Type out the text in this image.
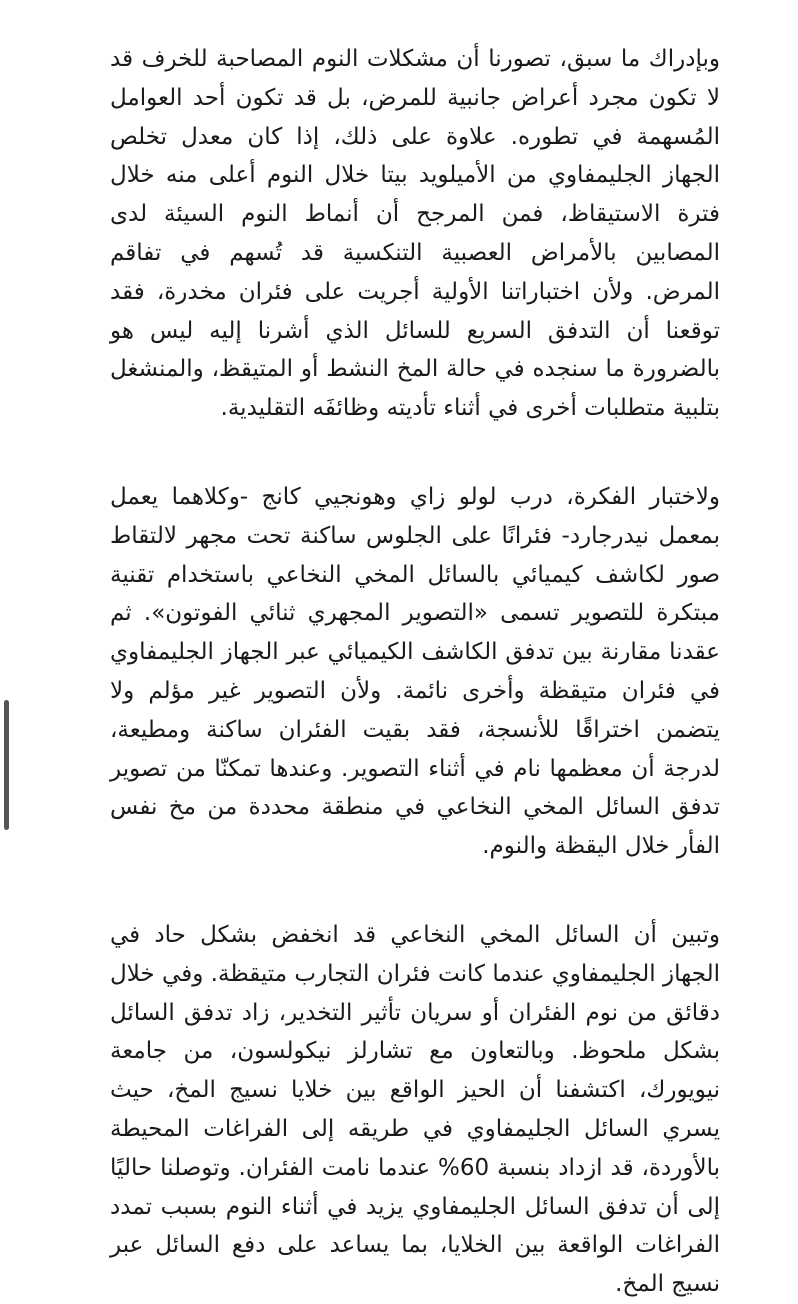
وبإدراك ما سبق، تصورنا أن مشكلات النوم المصاحبة للخرف قد لا تكون مجرد أعراض جانبية للمرض، بل قد تكون أحد العوامل المُسهمة في تطوره. علاوة على ذلك، إذا كان معدل تخلص الجهاز الجليمفاوي من الأميلويد بيتا خلال النوم أعلى منه خلال فترة الاستيقاظ، فمن المرجح أن أنماط النوم السيئة لدى المصابين بالأمراض العصبية التنكسية قد تُسهم في تفاقم المرض. ولأن اختباراتنا الأولية أجريت على فئران مخدرة، فقد توقعنا أن التدفق السريع للسائل الذي أشرنا إليه ليس هو بالضرورة ما سنجده في حالة المخ النشط أو المتيقظ، والمنشغل بتلبية متطلبات أخرى في أثناء تأديته وظائفَه التقليدية.

ولاختبار الفكرة، درب لولو زاي وهونجيي كانج -وكلاهما يعمل بمعمل نيدرجارد- فئرانًا على الجلوس ساكنة تحت مجهر لالتقاط صور لكاشف كيميائي بالسائل المخي النخاعي باستخدام تقنية مبتكرة للتصوير تسمى «التصوير المجهري ثنائي الفوتون». ثم عقدنا مقارنة بين تدفق الكاشف الكيميائي عبر الجهاز الجليمفاوي في فئران متيقظة وأخرى نائمة. ولأن التصوير غير مؤلم ولا يتضمن اختراقًا للأنسجة، فقد بقيت الفئران ساكنة ومطيعة، لدرجة أن معظمها نام في أثناء التصوير. وعندها تمكنّا من تصوير تدفق السائل المخي النخاعي في منطقة محددة من مخ نفس الفأر خلال اليقظة والنوم.

وتبين أن السائل المخي النخاعي قد انخفض بشكل حاد في الجهاز الجليمفاوي عندما كانت فئران التجارب متيقظة. وفي خلال دقائق من نوم الفئران أو سريان تأثير التخدير، زاد تدفق السائل بشكل ملحوظ. وبالتعاون مع تشارلز نيكولسون، من جامعة نيويورك، اكتشفنا أن الحيز الواقع بين خلايا نسيج المخ، حيث يسري السائل الجليمفاوي في طريقه إلى الفراغات المحيطة بالأوردة، قد ازداد بنسبة 60% عندما نامت الفئران. وتوصلنا حاليًا إلى أن تدفق السائل الجليمفاوي يزيد في أثناء النوم بسبب تمدد الفراغات الواقعة بين الخلايا، بما يساعد على دفع السائل عبر نسيج المخ.
